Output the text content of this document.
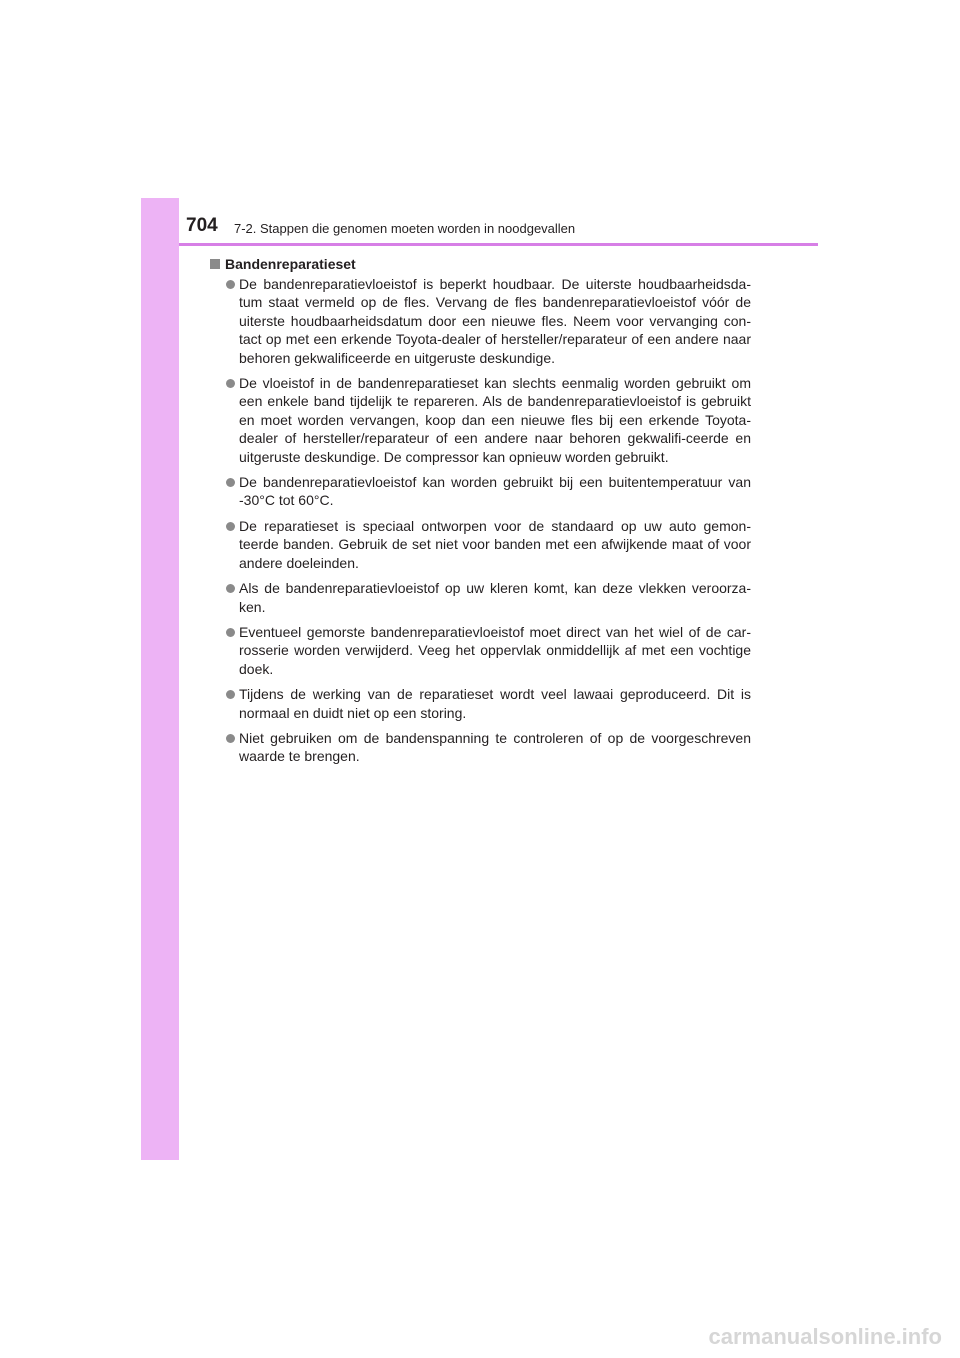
704 7-2. Stappen die genomen moeten worden in noodgevallen
Bandenreparatieset
De bandenreparatievloeistof is beperkt houdbaar. De uiterste houdbaarheidsda-tum staat vermeld op de fles. Vervang de fles bandenreparatievloeistof vóór de uiterste houdbaarheidsdatum door een nieuwe fles. Neem voor vervanging con-tact op met een erkende Toyota-dealer of hersteller/reparateur of een andere naar behoren gekwalificeerde en uitgeruste deskundige.
De vloeistof in de bandenreparatieset kan slechts eenmalig worden gebruikt om een enkele band tijdelijk te repareren. Als de bandenreparatievloeistof is gebruikt en moet worden vervangen, koop dan een nieuwe fles bij een erkende Toyota-dealer of hersteller/reparateur of een andere naar behoren gekwalifi-ceerde en uitgeruste deskundige. De compressor kan opnieuw worden gebruikt.
De bandenreparatievloeistof kan worden gebruikt bij een buitentemperatuur van -30°C tot 60°C.
De reparatieset is speciaal ontworpen voor de standaard op uw auto gemon-teerde banden. Gebruik de set niet voor banden met een afwijkende maat of voor andere doeleinden.
Als de bandenreparatievloeistof op uw kleren komt, kan deze vlekken veroorza-ken.
Eventueel gemorste bandenreparatievloeistof moet direct van het wiel of de car-rosserie worden verwijderd. Veeg het oppervlak onmiddellijk af met een vochtige doek.
Tijdens de werking van de reparatieset wordt veel lawaai geproduceerd. Dit is normaal en duidt niet op een storing.
Niet gebruiken om de bandenspanning te controleren of op de voorgeschreven waarde te brengen.
carmanualsonline.info
